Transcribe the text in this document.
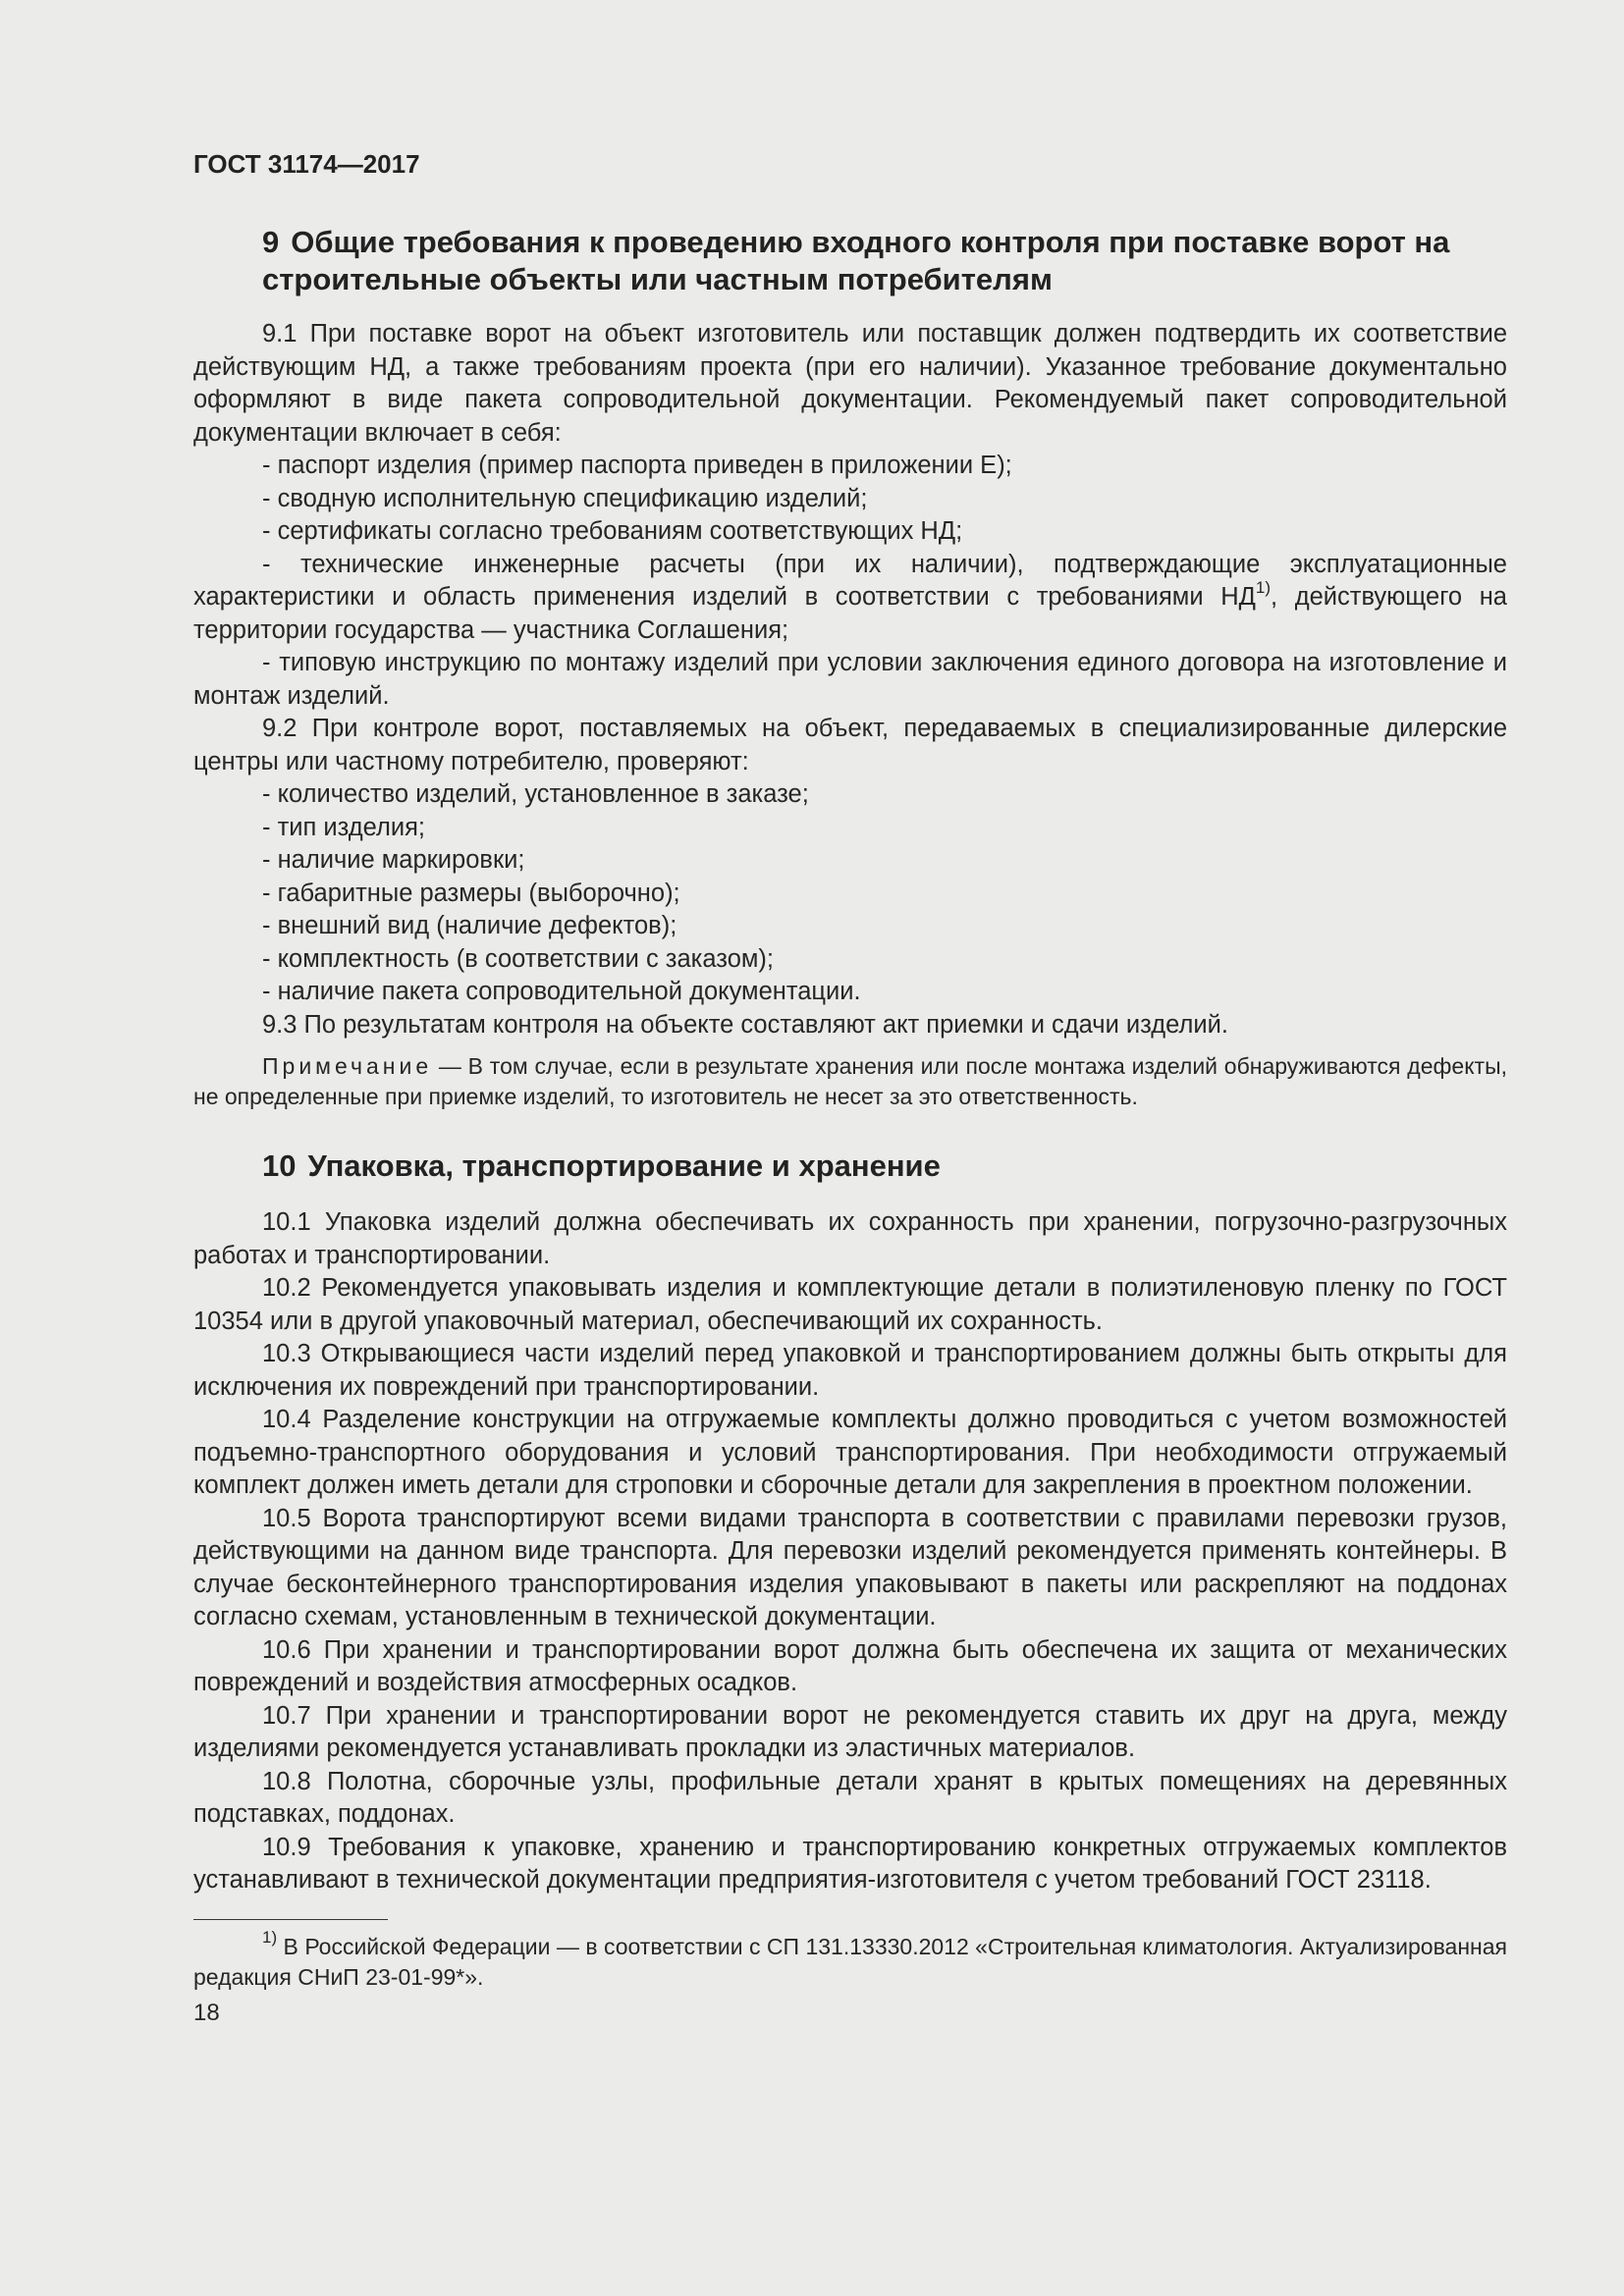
ГОСТ 31174—2017
9 Общие требования к проведению входного контроля при поставке ворот на строительные объекты или частным потребителям

9.1 При поставке ворот на объект изготовитель или поставщик должен подтвердить их соответствие действующим НД, а также требованиям проекта (при его наличии). Указанное требование документально оформляют в виде пакета сопроводительной документации. Рекомендуемый пакет сопроводительной документации включает в себя:

- паспорт изделия (пример паспорта приведен в приложении Е);

- сводную исполнительную спецификацию изделий;

- сертификаты согласно требованиям соответствующих НД;

- технические инженерные расчеты (при их наличии), подтверждающие эксплуатационные характеристики и область применения изделий в соответствии с требованиями НД$^{1)}$, действующего на территории государства — участника Соглашения;

- типовую инструкцию по монтажу изделий при условии заключения единого договора на изготовление и монтаж изделий.

9.2 При контроле ворот, поставляемых на объект, передаваемых в специализированные дилерские центры или частному потребителю, проверяют:

- количество изделий, установленное в заказе;

- тип изделия;

- наличие маркировки;

- габаритные размеры (выборочно);

- внешний вид (наличие дефектов);

- комплектность (в соответствии с заказом);

- наличие пакета сопроводительной документации.

9.3 По результатам контроля на объекте составляют акт приемки и сдачи изделий.

Примечание — В том случае, если в результате хранения или после монтажа изделий обнаруживаются дефекты, не определенные при приемке изделий, то изготовитель не несет за это ответственность.

10 Упаковка, транспортирование и хранение

10.1 Упаковка изделий должна обеспечивать их сохранность при хранении, погрузочно-разгрузочных работах и транспортировании.

10.2 Рекомендуется упаковывать изделия и комплектующие детали в полиэтиленовую пленку по ГОСТ 10354 или в другой упаковочный материал, обеспечивающий их сохранность.

10.3 Открывающиеся части изделий перед упаковкой и транспортированием должны быть открыты для исключения их повреждений при транспортировании.

10.4 Разделение конструкции на отгружаемые комплекты должно проводиться с учетом возможностей подъемно-транспортного оборудования и условий транспортирования. При необходимости отгружаемый комплект должен иметь детали для строповки и сборочные детали для закрепления в проектном положении.

10.5 Ворота транспортируют всеми видами транспорта в соответствии с правилами перевозки грузов, действующими на данном виде транспорта. Для перевозки изделий рекомендуется применять контейнеры. В случае бесконтейнерного транспортирования изделия упаковывают в пакеты или раскрепляют на поддонах согласно схемам, установленным в технической документации.

10.6 При хранении и транспортировании ворот должна быть обеспечена их защита от механических повреждений и воздействия атмосферных осадков.

10.7 При хранении и транспортировании ворот не рекомендуется ставить их друг на друга, между изделиями рекомендуется устанавливать прокладки из эластичных материалов.

10.8 Полотна, сборочные узлы, профильные детали хранят в крытых помещениях на деревянных подставках, поддонах.

10.9 Требования к упаковке, хранению и транспортированию конкретных отгружаемых комплектов устанавливают в технической документации предприятия-изготовителя с учетом требований ГОСТ 23118.

$^{1)}$ В Российской Федерации — в соответствии с СП 131.13330.2012 «Строительная климатология. Актуализированная редакция СНиП 23-01-99*».

18
